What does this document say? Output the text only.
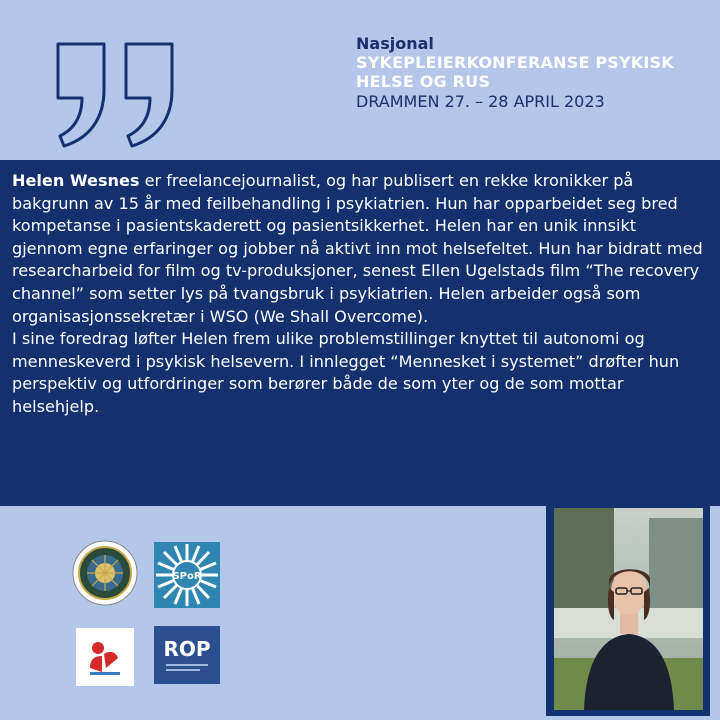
Nasjonal
SYKEPLEIERKONFERANSE PSYKISK
HELSE OG RUS
DRAMMEN 27. – 28 APRIL 2023

Helen Wesnes er freelancejournalist, og har publisert en rekke kronikker på bakgrunn av 15 år med feilbehandling i psykiatrien. Hun har opparbeidet seg bred kompetanse i pasientskaderett og pasientsikkerhet. Helen har en unik innsikt gjennom egne erfaringer og jobber nå aktivt inn mot helsefeltet. Hun har bidratt med researcharbeid for film og tv-produksjoner, senest Ellen Ugelstads film “The recovery channel” som setter lys på tvangsbruk i psykiatrien. Helen arbeider også som organisasjonssekretær i WSO (We Shall Overcome).

I sine foredrag løfter Helen frem ulike problemstillinger knyttet til autonomi og menneskeverd i psykisk helsevern. I innlegget “Mennesket i systemet” drøfter hun perspektiv og utfordringer som berører både de som yter og de som mottar helsehjelp.

SPoR
ROP
